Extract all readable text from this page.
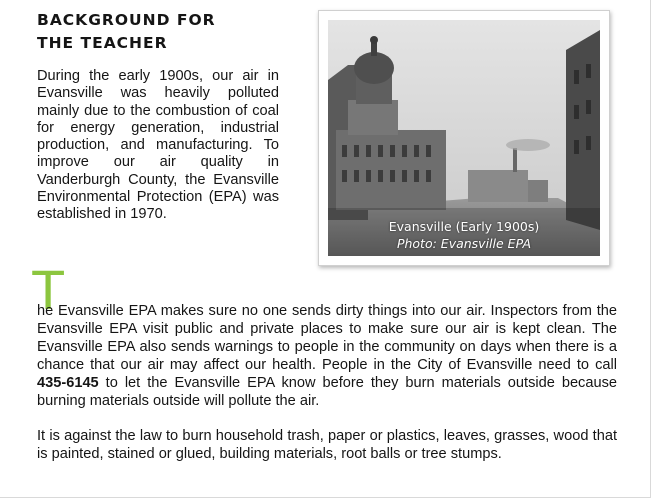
BACKGROUND FOR
THE TEACHER
During the early 1900s, our air in Evansville was heavily polluted mainly due to the combustion of coal for energy generation, industrial production, and manufacturing. To improve our air quality in Vanderburgh County, the Evansville Environmental Protection (EPA) was established in 1970.
Evansville (Early 1900s)
Photo: Evansville EPA
T
he Evansville EPA makes sure no one sends dirty things into our air. Inspectors from the Evansville EPA visit public and private places to make sure our air is kept clean. The Evansville EPA also sends warnings to people in the community on days when there is a chance that our air may affect our health. People in the City of Evansville need to call 435-6145 to let the Evansville EPA know before they burn materials outside because burning materials outside will pollute the air.
It is against the law to burn household trash, paper or plastics, leaves, grasses, wood that is painted, stained or glued, building materials, root balls or tree stumps.
